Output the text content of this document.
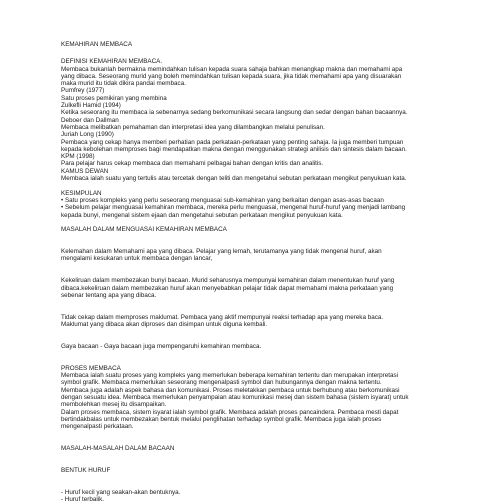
KEMAHIRAN MEMBACA

DEFINISI KEMAHIRAN MEMBACA.

Membaca bukanlah bermakna memindahkan tulisan kepada suara sahaja bahkan menangkap makna dan memahami apa

yang dibaca. Seseorang murid yang boleh memindahkan tulisan kepada suara, jika tidak memahami apa yang disuarakan

maka murid itu tidak dikira pandai membaca.

Pumfrey (1977)

Satu proses pemikiran yang membina

Zulkefli Hamid (1994)

Ketika seseorang itu membaca ia sebenarnya sedang berkomunikasi secara langsung dan sedar dengan bahan bacaannya.

Deboer dan Dallman

Membaca melibatkan pemahaman dan interpretasi idea yang dilambangkan melalui penulisan.

Juriah Long (1990)

Pembaca yang cekap hanya memberi perhatian pada perkataan-perkataan yang penting sahaja. Ia juga memberi tumpuan

kepada kebolehan memproses bagi mendapatkan makna dengan menggunakan strategi anilisis dan sintesis dalam bacaan.

KPM (1998)

Para pelajar harus cekap membaca dan memahami pelbagai bahan dengan kritis dan analitis.

KAMUS DEWAN

Membaca ialah suatu yang tertulis atau tercetak dengan teliti dan mengetahui sebutan perkataan mengikut penyukuan kata.

KESIMPULAN

• Satu proses kompleks yang perlu seseorang menguasai sub-kemahiran yang berkaitan dengan asas-asas bacaan

• Sebelum pelajar menguasai kemahiran membaca, mereka perlu menguasai, mengenal huruf-huruf yang menjadi lambang

kepada bunyi, mengenal sistem ejaan dan mengetahui sebutan perkataan mengikut penyukuan kata.

MASALAH DALAM MENGUASAI KEMAHIRAN MEMBACA

Kelemahan dalam Memahami apa yang dibaca. Pelajar yang lemah, terutamanya yang tidak mengenal huruf, akan

mengalami kesukaran untuk membaca dengan lancar,

Kekeliruan dalam membezakan bunyi bacaan. Murid seharusnya mempunyai kemahiran dalam menentukan huruf yang

dibaca.kekeliruan dalam membezakan huruf akan menyebabkan pelajar tidak dapat memahami makna perkataan yang

sebenar tentang apa yang dibaca.

Tidak cekap dalam memproses maklumat. Pembaca yang aktif mempunyai reaksi terhadap apa yang mereka baca.

Maklumat yang dibaca akan diproses dan disimpan untuk diguna kembali.

Gaya bacaan - Gaya bacaan juga mempengaruhi kemahiran membaca.

PROSES MEMBACA

Membaca ialah suatu proses yang kompleks yang memerlukan beberapa kemahiran tertentu dan merupakan interpretasi

symbol grafik. Membaca memerlukan seseorang mengenalpasti symbol dan hubungannya dengan makna tertentu.

Membaca juga adalah aspek bahasa dan komunikasi. Proses meletakkan pembaca untuk berhubung atau berkomunikasi

dengan sesuatu idea. Membaca memerlukan penyampaian atau komunikasi mesej dan sistem bahasa (sistem isyarat) untuk

membolehkan mesej itu disampaikan.

Dalam proses membaca, sistem isyarat ialah symbol grafik. Membaca adalah proses pancaindera. Pembaca mesti dapat

bertindakbalas untuk membezakan bentuk melalui penglihatan terhadap symbol grafik. Membaca juga ialah proses

mengenalpasti perkataan.

MASALAH-MASALAH DALAM BACAAN

BENTUK HURUF

- Huruf kecil yang seakan-akan bentuknya.

- Huruf terbalik.
